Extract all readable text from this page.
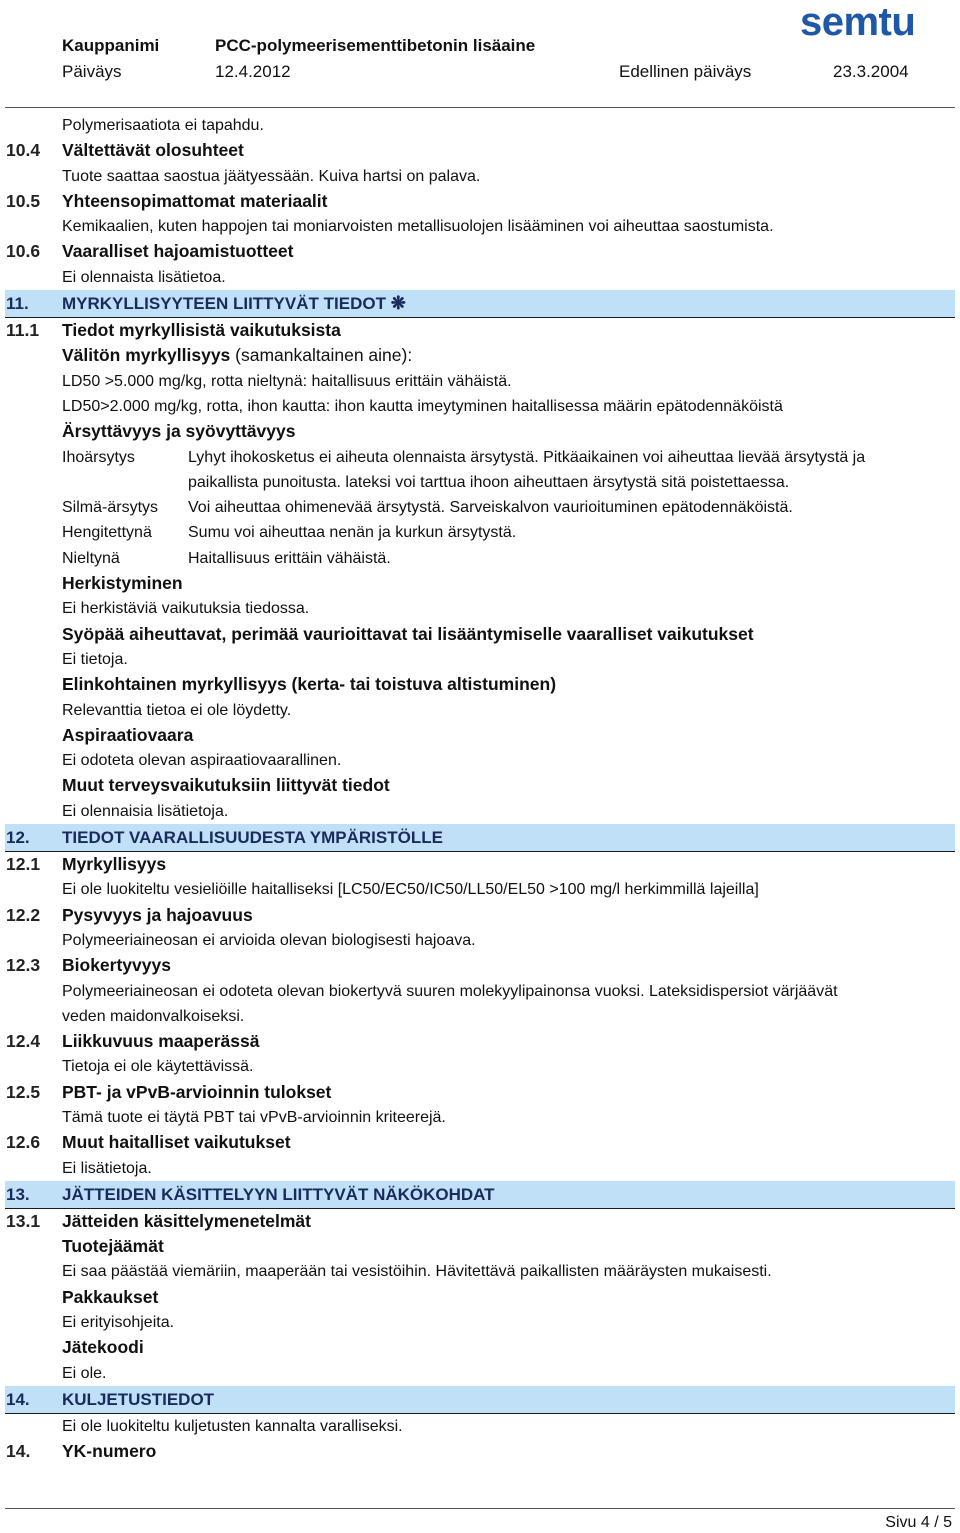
Kauppanimi	PCC-polymeerisementtibetonin lisäaine
Päiväys	12.4.2012	Edellinen päiväys	23.3.2004
semtu
Polymerisaatiota ei tapahdu.
10.4 Vältettävät olosuhteet
Tuote saattaa saostua jäätyessään. Kuiva hartsi on palava.
10.5 Yhteensopimattomat materiaalit
Kemikaalien, kuten happojen tai moniarvoisten metallisuolojen lisääminen voi aiheuttaa saostumista.
10.6 Vaaralliset hajoamistuotteet
Ei olennaista lisätietoa.
11. MYRKYLLISYYTEEN LIITTYVÄT TIEDOT ❋
11.1 Tiedot myrkyllisistä vaikutuksista
Välitön myrkyllisyys (samankaltainen aine):
LD50 >5.000 mg/kg, rotta nieltynä: haitallisuus erittäin vähäistä.
LD50>2.000 mg/kg, rotta, ihon kautta: ihon kautta imeytyminen haitallisessa määrin epätodennäköistä
Ärsyttävyys ja syövyttävyys
Ihoärsytys	Lyhyt ihokosketus ei aiheuta olennaista ärsytystä. Pitkäaikainen voi aiheuttaa lievää ärsytystä ja
paikallista punoitusta. lateksi voi tarttua ihoon aiheuttaen ärsytystä sitä poistettaessa.
Silmä-ärsytys Voi aiheuttaa ohimenevää ärsytystä. Sarveiskalvon vaurioituminen epätodennäköistä.
Hengitettynä Sumu voi aiheuttaa nenän ja kurkun ärsytystä.
Nieltynä	Haitallisuus erittäin vähäistä.
Herkistyminen
Ei herkistäviä vaikutuksia tiedossa.
Syöpää aiheuttavat, perimää vaurioittavat tai lisääntymiselle vaaralliset vaikutukset
Ei tietoja.
Elinkohtainen myrkyllisyys (kerta- tai toistuva altistuminen)
Relevanttia tietoa ei ole löydetty.
Aspiraatiovaara
Ei odoteta olevan aspiraatiovaarallinen.
Muut terveysvaikutuksiin liittyvät tiedot
Ei olennaisia lisätietoja.
12. TIEDOT VAARALLISUUDESTA YMPÄRISTÖLLE
12.1 Myrkyllisyys
Ei ole luokiteltu vesieliöille haitalliseksi [LC50/EC50/IC50/LL50/EL50 >100 mg/l herkimmillä lajeilla]
12.2 Pysyvyys ja hajoavuus
Polymeeriaineosan ei arvioida olevan biologisesti hajoava.
12.3 Biokertyvyys
Polymeeriaineosan ei odoteta olevan biokertyvä suuren molekyylipainonsa vuoksi. Lateksidispersiot värjäävät
veden maidonvalkoiseksi.
12.4 Liikkuvuus maaperässä
Tietoja ei ole käytettävissä.
12.5 PBT- ja vPvB-arvioinnin tulokset
Tämä tuote ei täytä PBT tai vPvB-arvioinnin kriteerejä.
12.6 Muut haitalliset vaikutukset
Ei lisätietoja.
13. JÄTTEIDEN KÄSITTELYYN LIITTYVÄT NÄKÖKOHDAT
13.1 Jätteiden käsittelymenetelmät
Tuotejäämät
Ei saa päästää viemäriin, maaperään tai vesistöihin. Hävitettävä paikallisten määräysten mukaisesti.
Pakkaukset
Ei erityisohjeita.
Jätekoodi
Ei ole.
14. KULJETUSTIEDOT
Ei ole luokiteltu kuljetusten kannalta varalliseksi.
14. YK-numero
Sivu 4 / 5
